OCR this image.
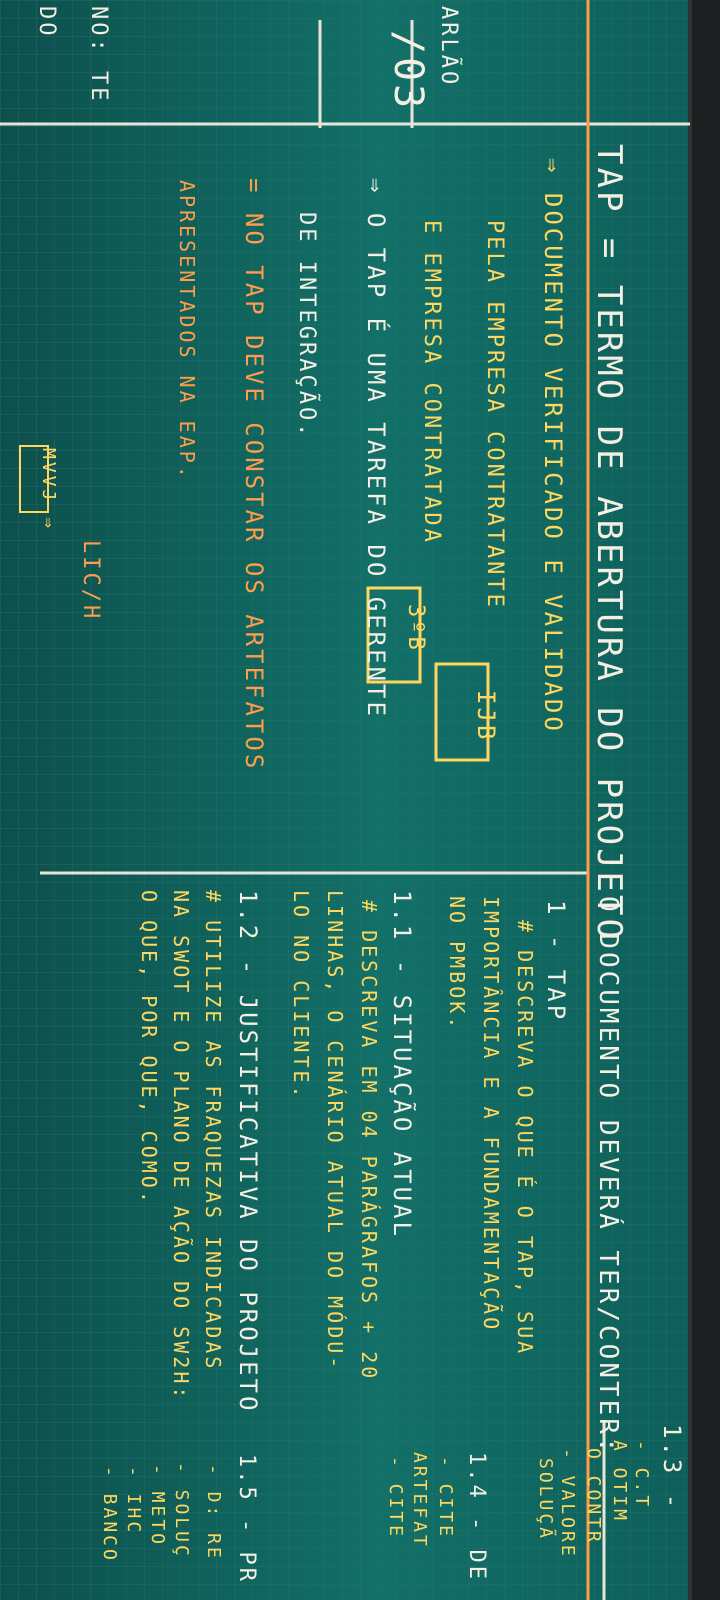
NO: TE
DO
/03 ARLÃO
TAP = TERMO DE ABERTURA DO PROJETO
⇒ DOCUMENTO VERIFICADO E VALIDADO
PELA EMPRESA CONTRATANTE
IJB
E EMPRESA CONTRATADA
3ºB
⇒ O TAP É UMA TAREFA DO GERENTE
DE INTEGRAÇÃO.
= NO TAP DEVE CONSTAR OS ARTEFATOS
APRESENTADOS NA EAP.
LIC/H
MVVJ ⇒
O DOCUMENTO DEVERÁ TER/CONTER:
1 - TAP
# DESCREVA O QUE É O TAP, SUA
IMPORTÂNCIA E A FUNDAMENTAÇÃO
NO PMBOK.
1.1 - SITUAÇÃO ATUAL
# DESCREVA EM 04 PARÁGRAFOS + 20
LINHAS, O CENÁRIO ATUAL DO MÓDU-
LO NO CLIENTE.
1.2 - JUSTIFICATIVA DO PROJETO
# UTILIZE AS FRAQUEZAS INDICADAS
NA SWOT E O PLANO DE AÇÃO DO SW2H:
O QUE, POR QUE, COMO.
1.3 -
- C.T
A OTIM
O CONTR
- VALORE
SOLUÇÃ
1.4 - DE
- CITE
ARTEFAT
- CITE
1.5 - PR
- D: RE
- SOLUÇ
- METO
- IHC
- BANCO
